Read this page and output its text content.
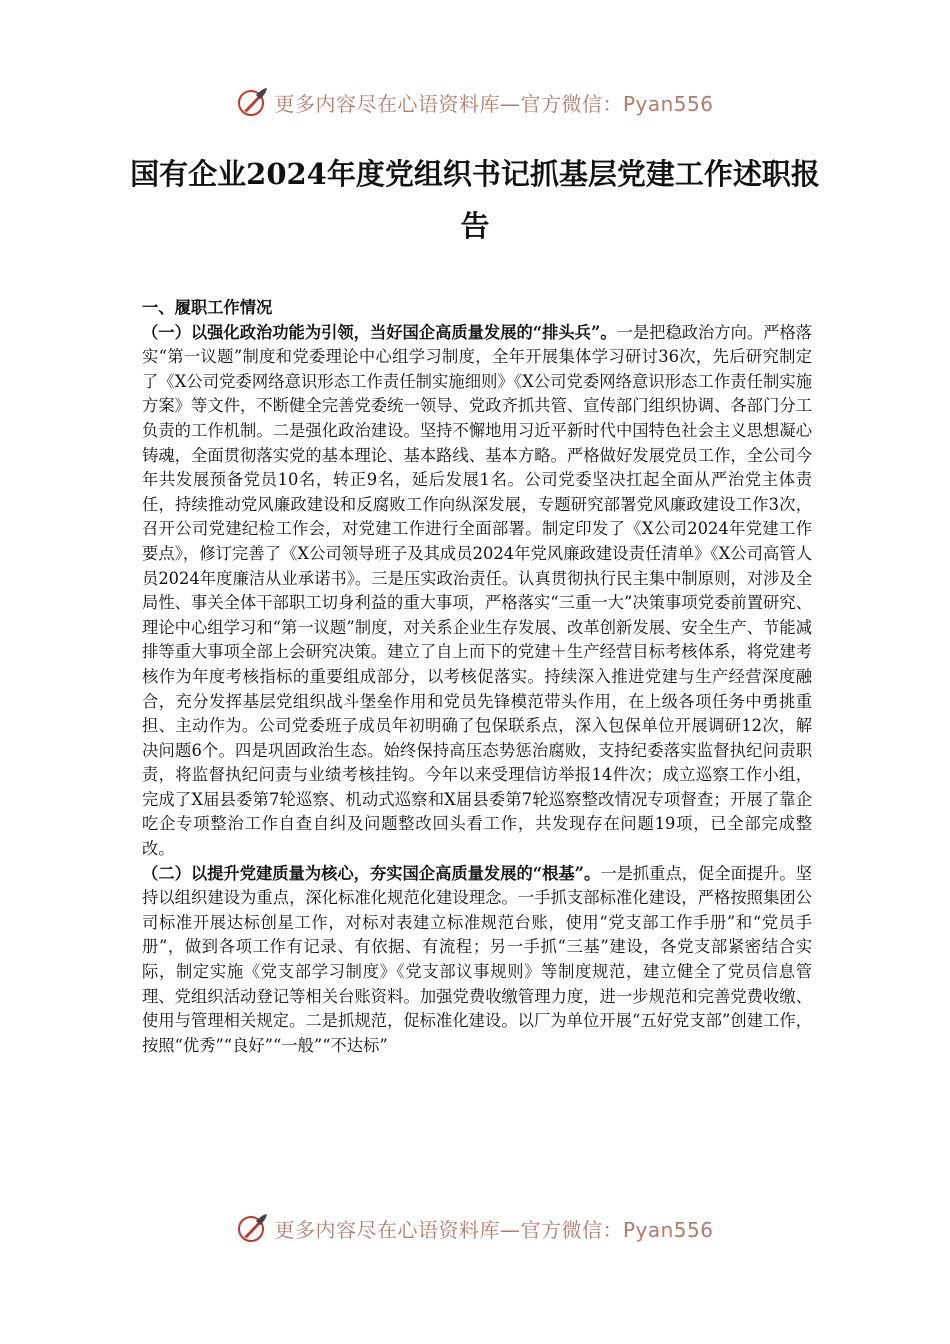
更多内容尽在心语资料库—官方微信：Pyan556
国有企业2024年度党组织书记抓基层党建工作述职报告

一、履职工作情况

（一）以强化政治功能为引领，当好国企高质量发展的“排头兵”。一是把稳政治方向。严格落实“第一议题”制度和党委理论中心组学习制度，全年开展集体学习研讨36次，先后研究制定了《X公司党委网络意识形态工作责任制实施细则》《X公司党委网络意识形态工作责任制实施方案》等文件，不断健全完善党委统一领导、党政齐抓共管、宣传部门组织协调、各部门分工负责的工作机制。二是强化政治建设。坚持不懈地用习近平新时代中国特色社会主义思想凝心铸魂，全面贯彻落实党的基本理论、基本路线、基本方略。严格做好发展党员工作，全公司今年共发展预备党员10名，转正9名，延后发展1名。公司党委坚决扛起全面从严治党主体责任，持续推动党风廉政建设和反腐败工作向纵深发展，专题研究部署党风廉政建设工作3次，召开公司党建纪检工作会，对党建工作进行全面部署。制定印发了《X公司2024年党建工作要点》，修订完善了《X公司领导班子及其成员2024年党风廉政建设责任清单》《X公司高管人员2024年度廉洁从业承诺书》。三是压实政治责任。认真贯彻执行民主集中制原则，对涉及全局性、事关全体干部职工切身利益的重大事项，严格落实“三重一大”决策事项党委前置研究、理论中心组学习和“第一议题”制度，对关系企业生存发展、改革创新发展、安全生产、节能减排等重大事项全部上会研究决策。建立了自上而下的党建＋生产经营目标考核体系，将党建考核作为年度考核指标的重要组成部分，以考核促落实。持续深入推进党建与生产经营深度融合，充分发挥基层党组织战斗堡垒作用和党员先锋模范带头作用，在上级各项任务中勇挑重担、主动作为。公司党委班子成员年初明确了包保联系点，深入包保单位开展调研12次，解决问题6个。四是巩固政治生态。始终保持高压态势惩治腐败，支持纪委落实监督执纪问责职责，将监督执纪问责与业绩考核挂钩。今年以来受理信访举报14件次；成立巡察工作小组，完成了X届县委第7轮巡察、机动式巡察和X届县委第7轮巡察整改情况专项督查；开展了靠企吃企专项整治工作自查自纠及问题整改回头看工作，共发现存在问题19项，已全部完成整改。

（二）以提升党建质量为核心，夯实国企高质量发展的“根基”。一是抓重点，促全面提升。坚持以组织建设为重点，深化标准化规范化建设理念。一手抓支部标准化建设，严格按照集团公司标准开展达标创星工作，对标对表建立标准规范台账，使用“党支部工作手册”和“党员手册”，做到各项工作有记录、有依据、有流程；另一手抓“三基”建设，各党支部紧密结合实际，制定实施《党支部学习制度》《党支部议事规则》等制度规范，建立健全了党员信息管理、党组织活动登记等相关台账资料。加强党费收缴管理力度，进一步规范和完善党费收缴、使用与管理相关规定。二是抓规范，促标准化建设。以厂为单位开展“五好党支部”创建工作，按照“优秀”“良好”“一般”“不达标”

更多内容尽在心语资料库—官方微信：Pyan556
